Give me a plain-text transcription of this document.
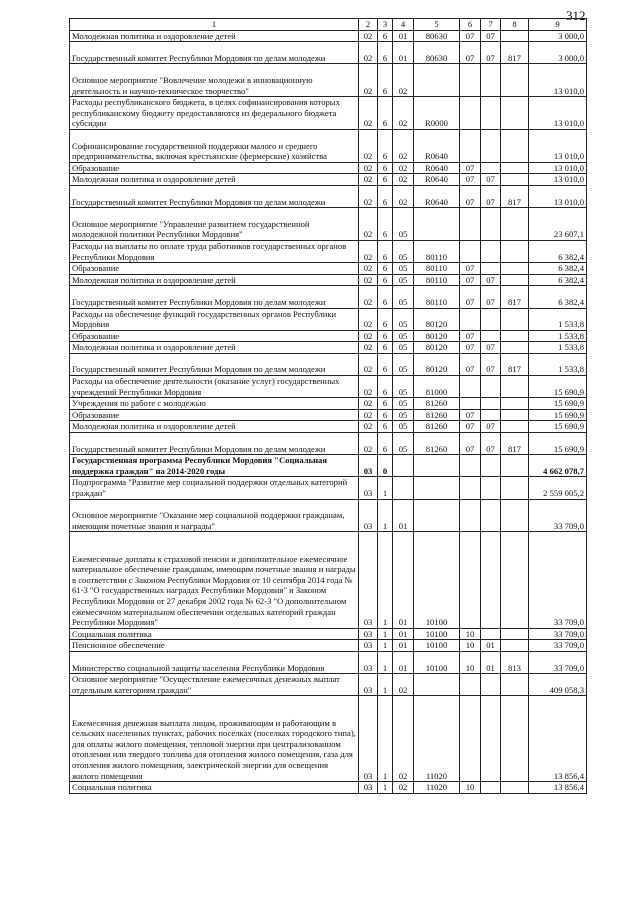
312
1	2	3	4	5	6	7	8	9
Молодежная политика и оздоровление детей	02	6	01	80630	07	07		3 000,0
Государственный комитет Республики Мордовия по делам молодежи	02	6	01	80630	07	07	817	3 000,0
Основное мероприятие "Вовлечение молодежи в инновационную деятельность и научно-техническое творчество"	02	6	02					13 010,0
Расходы республиканского бюджета, в целях софинансирования которых республиканскому бюджету предоставляются из федерального бюджета субсидии	02	6	02	R0000				13 010,0
Софинансирование государственной поддержки малого и среднего предпринимательства, включая крестьянские (фермерские) хозяйства	02	6	02	R0640				13 010,0
Образование	02	6	02	R0640	07			13 010,0
Молодежная политика и оздоровление детей	02	6	02	R0640	07	07		13 010,0
Государственный комитет Республики Мордовия по делам молодежи	02	6	02	R0640	07	07	817	13 010,0
Основное мероприятие "Управление развитием государственной молодежной политики Республики Мордовия"	02	6	05					23 607,1
Расходы на выплаты по оплате труда работников государственных органов Республики Мордовия	02	6	05	80110				6 382,4
Образование	02	6	05	80110	07			6 382,4
Молодежная политика и оздоровление детей	02	6	05	80110	07	07		6 382,4
Государственный комитет Республики Мордовия по делам молодежи	02	6	05	80110	07	07	817	6 382,4
Расходы на обеспечение функций государственных органов Республики Мордовия	02	6	05	80120				1 533,8
Образование	02	6	05	80120	07			1 533,8
Молодежная политика и оздоровление детей	02	6	05	80120	07	07		1 533,8
Государственный комитет Республики Мордовия по делам молодежи	02	6	05	80120	07	07	817	1 533,8
Расходы на обеспечение деятельности (оказание услуг) государственных учреждений Республики Мордовия	02	6	05	81000				15 690,9
Учреждения по работе с молодежью	02	6	05	81260				15 690,9
Образование	02	6	05	81260	07			15 690,9
Молодежная политика и оздоровление детей	02	6	05	81260	07	07		15 690,9
Государственный комитет Республики Мордовия по делам молодежи	02	6	05	81260	07	07	817	15 690,9
Государственная программа Республики Мордовия "Социальная поддержка граждан" на 2014-2020 годы	03	0						4 662 078,7
Подпрограмма "Развитие мер социальной поддержки отдельных категорий граждан"	03	1						2 559 005,2
Основное мероприятие "Оказание мер социальной поддержки гражданам, имеющим почетные звания и награды"	03	1	01					33 709,0
Ежемесячные доплаты к страховой пенсии и дополнительное ежемесячное материальное обеспечение гражданам, имеющим почетные звания и награды в соответствии с Законом Республики Мордовия от 10 сентября 2014 года № 61-З "О государственных наградах Республики Мордовия" и Законом Республики Мордовия от 27 декабря 2002 года № 62-З "О дополнительном ежемесячном материальном обеспечении отдельных категорий граждан Республики Мордовия"	03	1	01	10100				33 709,0
Социальная политика	03	1	01	10100	10			33 709,0
Пенсионное обеспечение	03	1	01	10100	10	01		33 709,0
Министерство социальной защиты населения Республики Мордовия	03	1	01	10100	10	01	813	33 709,0
Основное мероприятие "Осуществление ежемесячных денежных выплат отдельным категориям граждан"	03	1	02					409 058,3
Ежемесячная денежная выплата лицам, проживающим и работающим в сельских населенных пунктах, рабочих поселках (поселках городского типа), для оплаты жилого помещения, тепловой энергии при централизованном отоплении или твердого топлива для отопления жилого помещения, газа для отопления жилого помещения, электрической энергии для освещения жилого помещения	03	1	02	11020				13 856,4
Социальная политика	03	1	02	11020	10			13 856,4
